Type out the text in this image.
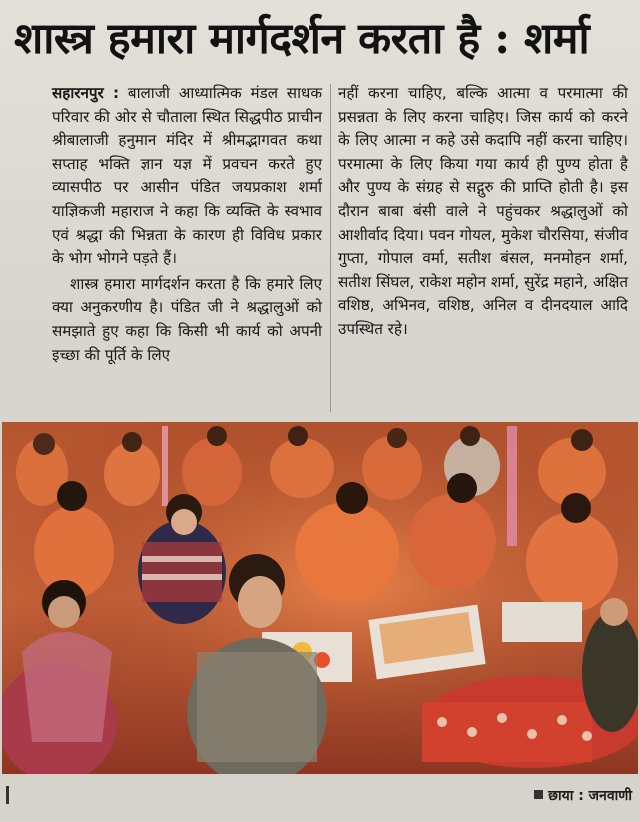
शास्त्र हमारा मार्गदर्शन करता है : शर्मा

सहारनपुर : बालाजी आध्यात्मिक मंडल साधक परिवार की ओर से चौताला स्थित सिद्धपीठ प्राचीन श्रीबालाजी हनुमान मंदिर में श्रीमद्भागवत कथा सप्ताह भक्ति ज्ञान यज्ञ में प्रवचन करते हुए व्यासपीठ पर आसीन पंडित जयप्रकाश शर्मा याज्ञिकजी महाराज ने कहा कि व्यक्ति के स्वभाव एवं श्रद्धा की भिन्नता के कारण ही विविध प्रकार के भोग भोगने पड़ते हैं।

शास्त्र हमारा मार्गदर्शन करता है कि हमारे लिए क्या अनुकरणीय है। पंडित जी ने श्रद्धालुओं को समझाते हुए कहा कि किसी भी कार्य को अपनी इच्छा की पूर्ति के लिए

नहीं करना चाहिए, बल्कि आत्मा व परमात्मा की प्रसन्नता के लिए करना चाहिए। जिस कार्य को करने के लिए आत्मा न कहे उसे कदापि नहीं करना चाहिए। परमात्मा के लिए किया गया कार्य ही पुण्य होता है और पुण्य के संग्रह से सद्गुरु की प्राप्ति होती है। इस दौरान बाबा बंसी वाले ने पहुंचकर श्रद्धालुओं को आशीर्वाद दिया। पवन गोयल, मुकेश चौरसिया, संजीव गुप्ता, गोपाल वर्मा, सतीश बंसल, मनमोहन शर्मा, सतीश सिंघल, राकेश महोन शर्मा, सुरेंद्र महाने, अक्षित वशिष्ठ, अभिनव, वशिष्ठ, अनिल व दीनदयाल आदि उपस्थित रहे।

छाया : जनवाणी
